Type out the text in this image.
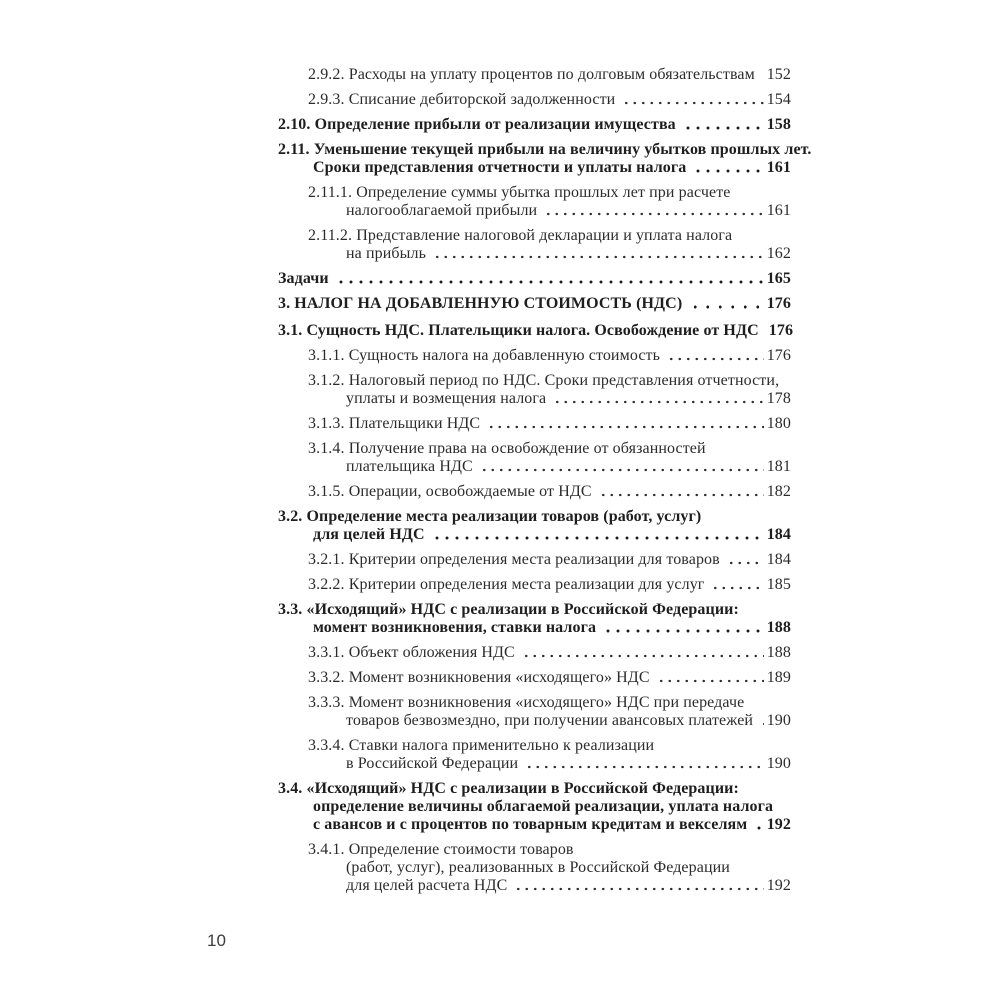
2.9.2. Расходы на уплату процентов по долговым обязательствам 152
2.9.3. Списание дебиторской задолженности	154
2.10. Определение прибыли от реализации имущества	158
2.11. Уменьшение текущей прибыли на величину убытков прошлых лет.
Сроки представления отчетности и уплаты налога	161
2.11.1. Определение суммы убытка прошлых лет при расчете
налогооблагаемой прибыли	161
2.11.2. Представление налоговой декларации и уплата налога
на прибыль	162
Задачи	165
3. НАЛОГ НА ДОБАВЛЕННУЮ СТОИМОСТЬ (НДС)	176
3.1. Сущность НДС. Плательщики налога. Освобождение от НДС 176
3.1.1. Сущность налога на добавленную стоимость	176
3.1.2. Налоговый период по НДС. Сроки представления отчетности,
уплаты и возмещения налога	178
3.1.3. Плательщики НДС	180
3.1.4. Получение права на освобождение от обязанностей
плательщика НДС	181
3.1.5. Операции, освобождаемые от НДС	182
3.2. Определение места реализации товаров (работ, услуг)
для целей НДС	184
3.2.1. Критерии определения места реализации для товаров	184
3.2.2. Критерии определения места реализации для услуг	185
3.3. «Исходящий» НДС с реализации в Российской Федерации:
момент возникновения, ставки налога	188
3.3.1. Объект обложения НДС	188
3.3.2. Момент возникновения «исходящего» НДС	189
3.3.3. Момент возникновения «исходящего» НДС при передаче
товаров безвозмездно, при получении авансовых платежей 190
3.3.4. Ставки налога применительно к реализации
в Российской Федерации	190
3.4. «Исходящий» НДС с реализации в Российской Федерации:
определение величины облагаемой реализации, уплата налога
с авансов и с процентов по товарным кредитам и векселям 192
3.4.1. Определение стоимости товаров
(работ, услуг), реализованных в Российской Федерации
для целей расчета НДС	192
10
